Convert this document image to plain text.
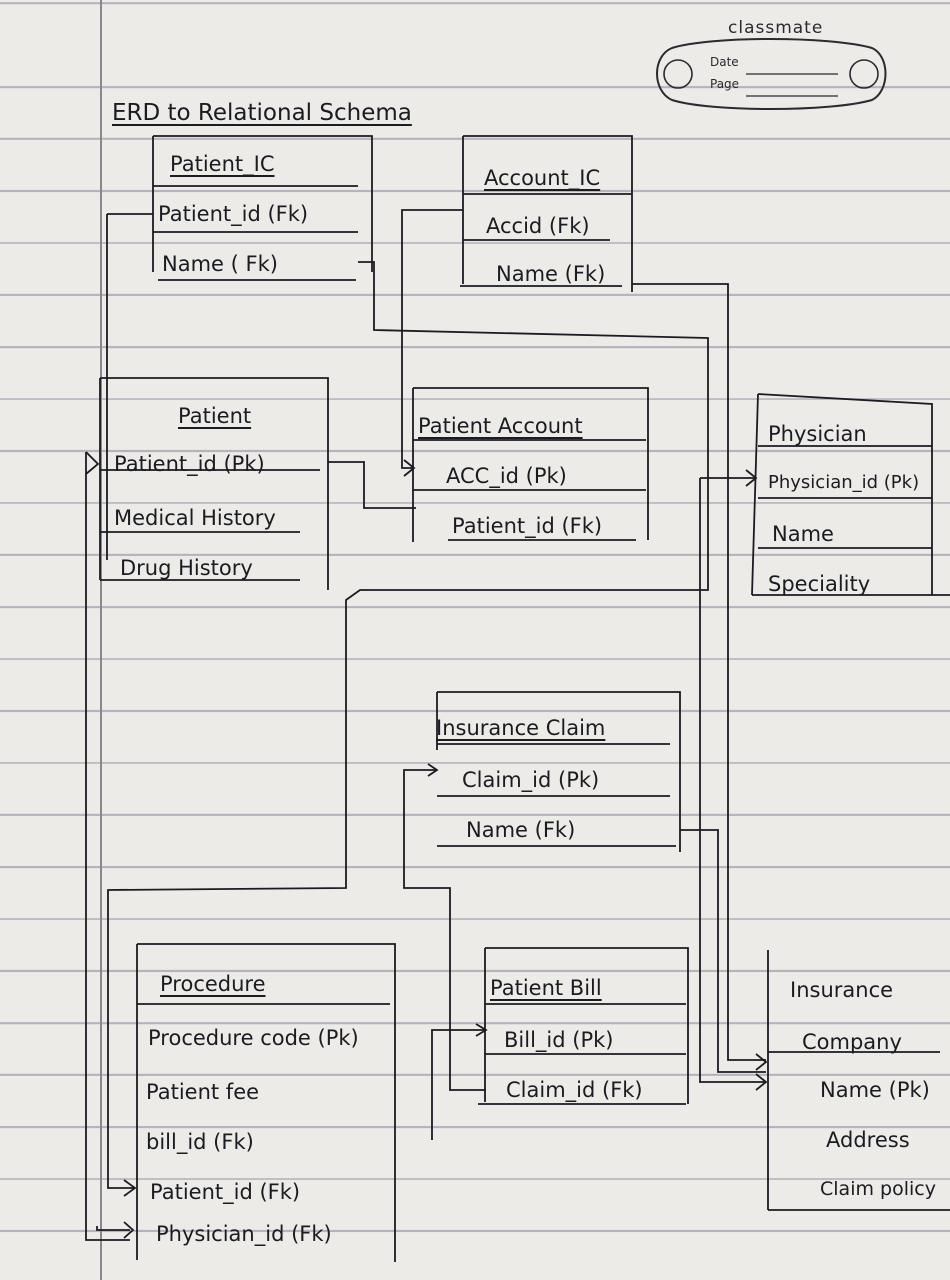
classmate
Date
Page
ERD to Relational Schema
Patient_IC
Patient_id (Fk)
Name ( Fk)
Account_IC
Accid (Fk)
Name (Fk)
Patient
Patient_id (Pk)
Medical History
Drug History
Patient Account
ACC_id (Pk)
Patient_id (Fk)
Physician
Physician_id (Pk)
Name
Speciality
Insurance Claim
Claim_id (Pk)
Name (Fk)
Procedure
Procedure code (Pk)
Patient fee
bill_id (Fk)
Patient_id (Fk)
Physician_id (Fk)
Patient Bill
Bill_id (Pk)
Claim_id (Fk)
Insurance
Company
Name (Pk)
Address
Claim policy
